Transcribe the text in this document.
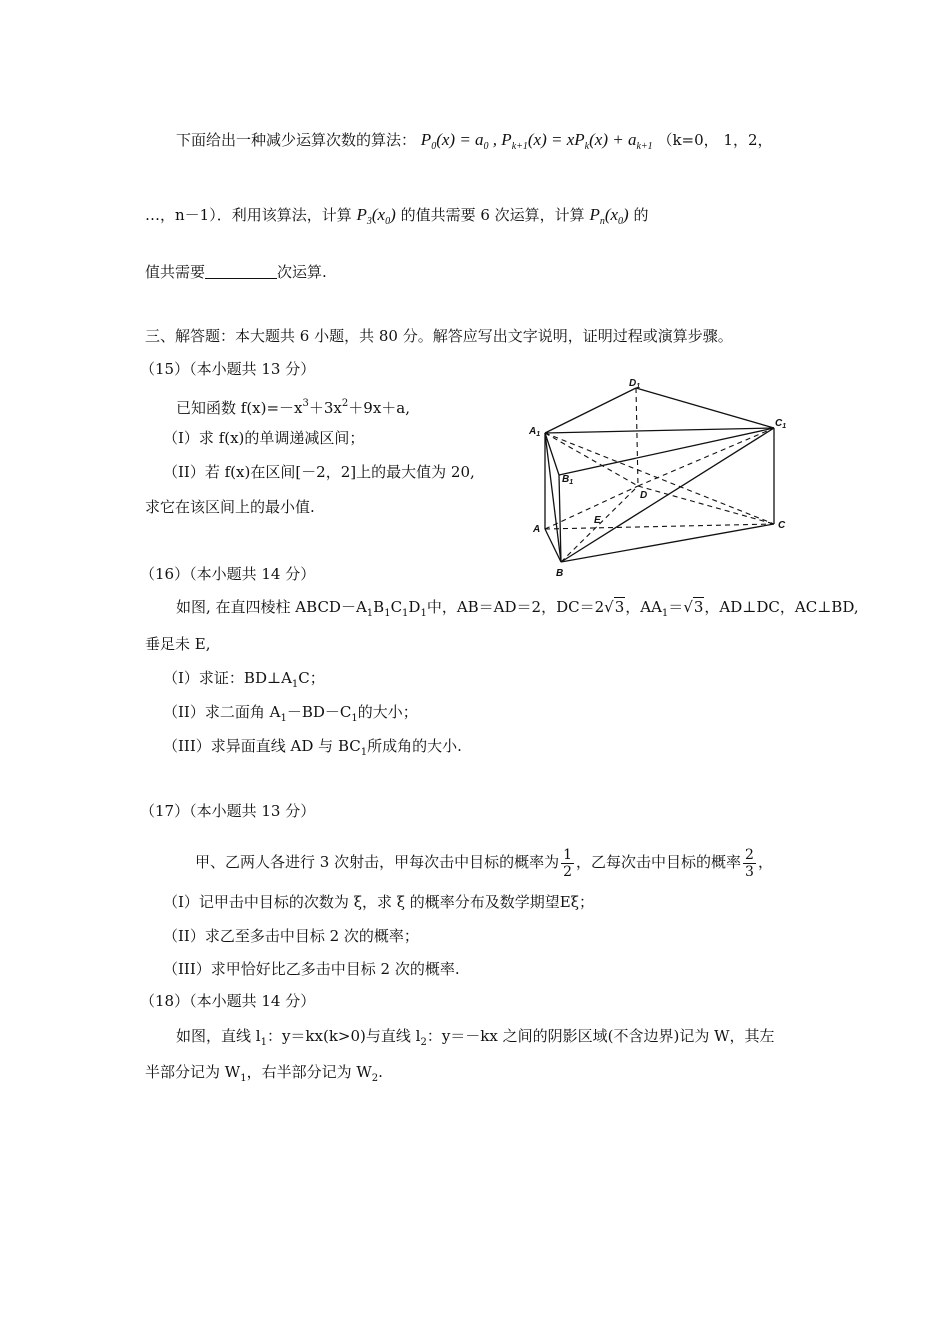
下面给出一种减少运算次数的算法： $P_0(x) = a_0$ , $P_{k+1}(x) = xP_k(x) + a_{k+1}$ （k=0， 1，2，
…，n－1）．利用该算法，计算 $P_3(x_0)$ 的值共需要 6 次运算，计算 $P_n(x_0)$ 的
值共需要	次运算.
三、解答题：本大题共 6 小题，共 80 分。解答应写出文字说明，证明过程或演算步骤。
（15）（本小题共 13 分）
已知函数 $f(x)=-x^3+3x^2+9x+a$,
（I）求 f(x)的单调递减区间；
（II）若 f(x)在区间[－2，2]上的最大值为 20,
求它在该区间上的最小值.
$D_1$
$A_1$
$C_1$
$B_1$
D
A
E	C
B
（16）（本小题共 14 分）
如图, 在直四棱柱 $ABCD-A_1B_1C_1D_1$中，AB＝AD＝2，DC＝2√3，$AA_1=√3$，AD⊥DC，AC⊥BD,
垂足未 E,
（I）求证：$BD\perp A_1C$；
（II）求二面角 $A_1-BD-C_1$的大小；
（III）求异面直线 AD 与 $BC_1$所成角的大小.
（17）（本小题共 13 分）
甲、乙两人各进行 3 次射击，甲每次击中目标的概率为 $\frac{1}{2}$ ，乙每次击中目标的概率 $\frac{2}{3}$ ，
（I）记甲击中目标的次数为 ξ，求 ξ 的概率分布及数学期望Eξ；
（II）求乙至多击中目标 2 次的概率；
（III）求甲恰好比乙多击中目标 2 次的概率.
（18）（本小题共 14 分）
如图，直线 $l_1$：y＝kx(k>0)与直线 $l_2$：y＝－kx 之间的阴影区域(不含边界)记为 W，其左
半部分记为 $W_1$，右半部分记为 $W_2$.
